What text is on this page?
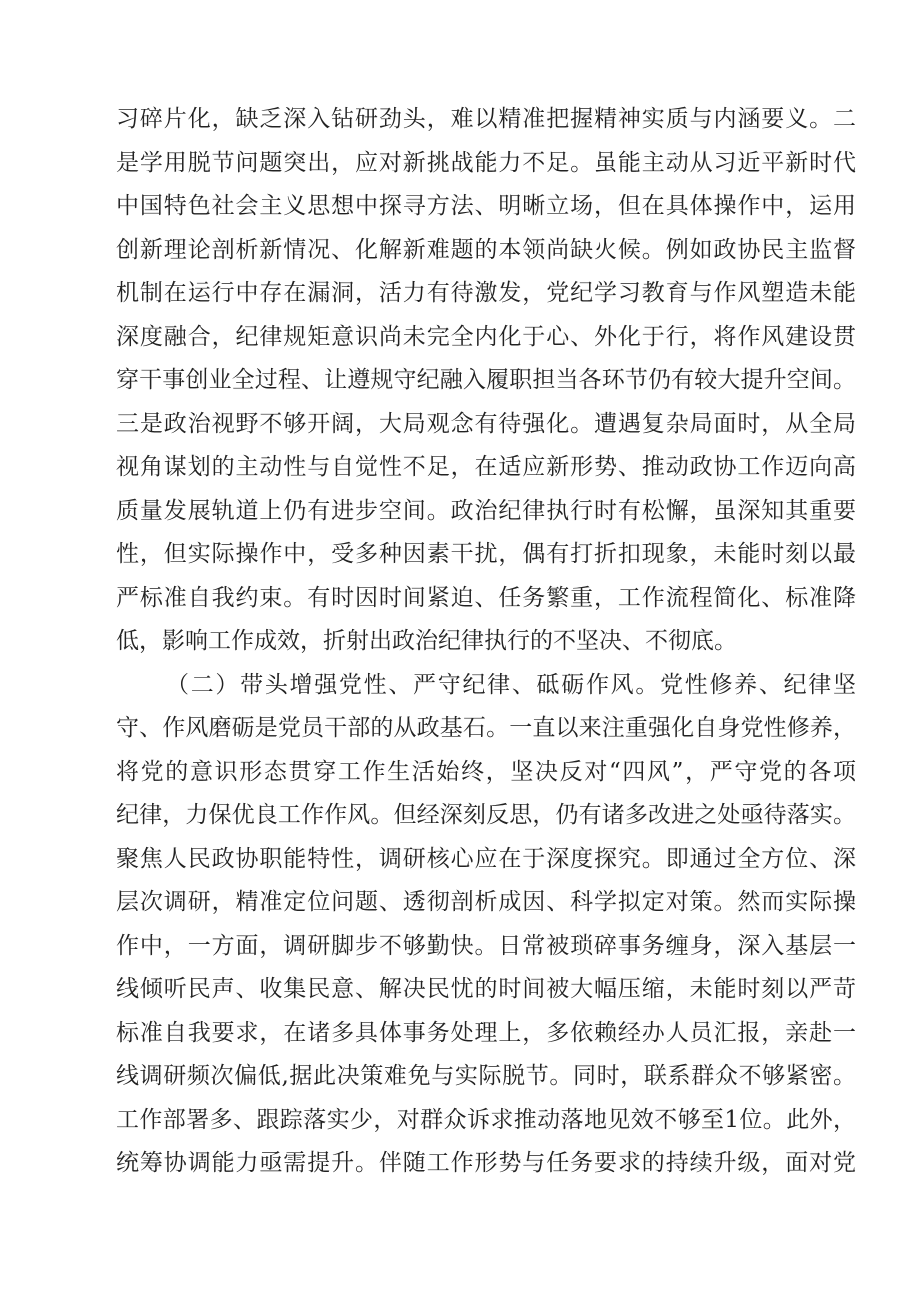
习碎片化，缺乏深入钻研劲头，难以精准把握精神实质与内涵要义。二
是学用脱节问题突出，应对新挑战能力不足。虽能主动从习近平新时代
中国特色社会主义思想中探寻方法、明晰立场，但在具体操作中，运用
创新理论剖析新情况、化解新难题的本领尚缺火候。例如政协民主监督
机制在运行中存在漏洞，活力有待激发，党纪学习教育与作风塑造未能
深度融合，纪律规矩意识尚未完全内化于心、外化于行，将作风建设贯
穿干事创业全过程、让遵规守纪融入履职担当各环节仍有较大提升空间。
三是政治视野不够开阔，大局观念有待强化。遭遇复杂局面时，从全局
视角谋划的主动性与自觉性不足，在适应新形势、推动政协工作迈向高
质量发展轨道上仍有进步空间。政治纪律执行时有松懈，虽深知其重要
性，但实际操作中，受多种因素干扰，偶有打折扣现象，未能时刻以最
严标准自我约束。有时因时间紧迫、任务繁重，工作流程简化、标准降
低，影响工作成效，折射出政治纪律执行的不坚决、不彻底。
（二）带头增强党性、严守纪律、砥砺作风。党性修养、纪律坚
守、作风磨砺是党员干部的从政基石。一直以来注重强化自身党性修养，
将党的意识形态贯穿工作生活始终，坚决反对“四风”，严守党的各项
纪律，力保优良工作作风。但经深刻反思，仍有诸多改进之处亟待落实。
聚焦人民政协职能特性，调研核心应在于深度探究。即通过全方位、深
层次调研，精准定位问题、透彻剖析成因、科学拟定对策。然而实际操
作中，一方面，调研脚步不够勤快。日常被琐碎事务缠身，深入基层一
线倾听民声、收集民意、解决民忧的时间被大幅压缩，未能时刻以严苛
标准自我要求，在诸多具体事务处理上，多依赖经办人员汇报，亲赴一
线调研频次偏低,据此决策难免与实际脱节。同时，联系群众不够紧密。
工作部署多、跟踪落实少，对群众诉求推动落地见效不够至1位。此外，
统筹协调能力亟需提升。伴随工作形势与任务要求的持续升级，面对党
